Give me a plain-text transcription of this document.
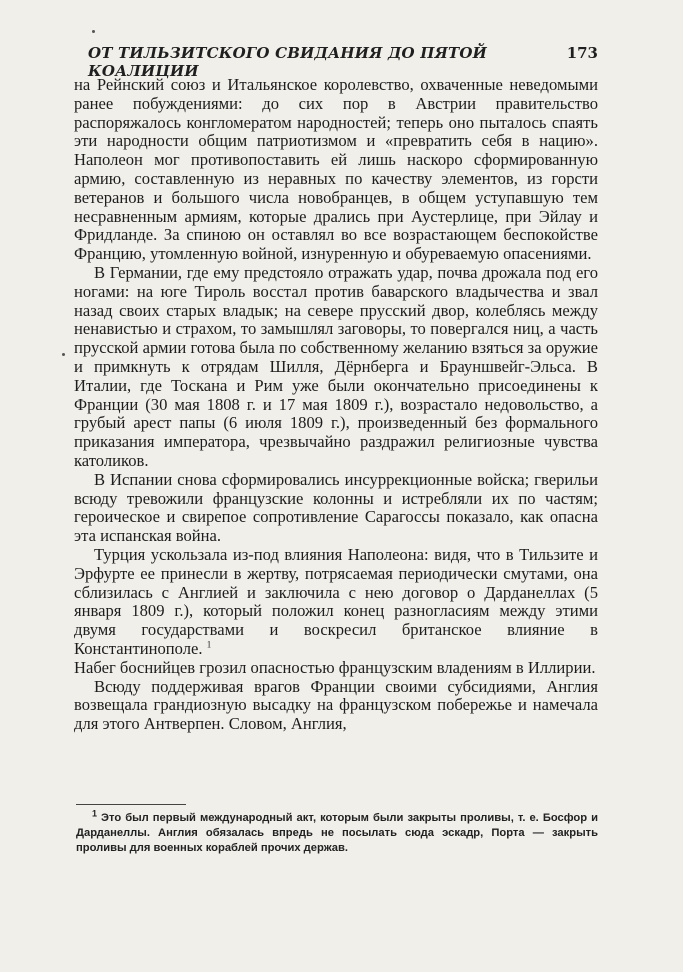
ОТ ТИЛЬЗИТСКОГО СВИДАНИЯ ДО ПЯТОЙ КОАЛИЦИИ
173

на Рейнский союз и Итальянское королевство, охваченные неведомыми ранее побуждениями: до сих пор в Австрии правительство распоряжалось конгломератом народностей; теперь оно пыталось спаять эти народности общим патриотизмом и «превратить себя в нацию». Наполеон мог противопоставить ей лишь наскоро сформированную армию, составленную из неравных по качеству элементов, из горсти ветеранов и большого числа новобранцев, в общем уступавшую тем несравненным армиям, которые дрались при Аустерлице, при Эйлау и Фридланде. За спиною он оставлял во все возрастающем беспокойстве Францию, утомленную войной, изнуренную и обуреваемую опасениями.

В Германии, где ему предстояло отражать удар, почва дрожала под его ногами: на юге Тироль восстал против баварского владычества и звал назад своих старых владык; на севере прусский двор, колеблясь между ненавистью и страхом, то замышлял заговоры, то повергался ниц, а часть прусской армии готова была по собственному желанию взяться за оружие и примкнуть к отрядам Шилля, Дёрнберга и Брауншвейг-Эльса. В Италии, где Тоскана и Рим уже были окончательно присоединены к Франции (30 мая 1808 г. и 17 мая 1809 г.), возрастало недовольство, а грубый арест папы (6 июля 1809 г.), произведенный без формального приказания императора, чрезвычайно раздражил религиозные чувства католиков.

В Испании снова сформировались инсуррекционные войска; гверильи всюду тревожили французские колонны и истребляли их по частям; героическое и свирепое сопротивление Сарагоссы показало, как опасна эта испанская война.

Турция ускользала из-под влияния Наполеона: видя, что в Тильзите и Эрфурте ее принесли в жертву, потрясаемая периодически смутами, она сблизилась с Англией и заключила с нею договор о Дарданеллах (5 января 1809 г.), который положил конец разногласиям между этими двумя государствами и воскресил британское влияние в Константинополе. $^1$

Набег боснийцев грозил опасностью французским владениям в Иллирии.

Всюду поддерживая врагов Франции своими субсидиями, Англия возвещала грандиозную высадку на французском побережье и намечала для этого Антверпен. Словом, Англия,

$^1$ Это был первый международный акт, которым были закрыты проливы, т. е. Босфор и Дарданеллы. Англия обязалась впредь не посылать сюда эскадр, Порта — закрыть проливы для военных кораблей прочих держав.
